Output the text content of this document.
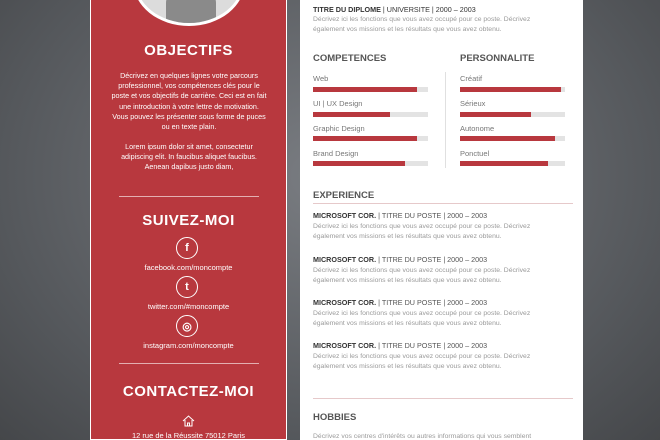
OBJECTIFS
Décrivez en quelques lignes votre parcours professionnel, vos compétences clés pour le poste et vos objectifs de carrière. Ceci est en fait une introduction à votre lettre de motivation. Vous pouvez les présenter sous forme de puces ou en texte plain.
Lorem ipsum dolor sit amet, consectetur adipiscing elit. In faucibus aliquet faucibus. Aenean dapibus justo diam,
SUIVEZ-MOI
f
facebook.com/moncompte
t
twitter.com/#moncompte
◎
instagram.com/moncompte
CONTACTEZ-MOI
12 rue de la Réussite 75012 Paris
TITRE DU DIPLOME | UNIVERSITE | 2000 – 2003
Décrivez ici les fonctions que vous avez occupé pour ce poste. Décrivez également vos missions et les résultats que vous avez obtenu.
COMPETENCES	PERSONNALITE
Web
UI | UX Design
Graphic Design
Brand Design
Créatif
Sérieux
Autonome
Ponctuel
EXPERIENCE
MICROSOFT COR. | TITRE DU POSTE | 2000 – 2003
Décrivez ici les fonctions que vous avez occupé pour ce poste. Décrivez également vos missions et les résultats que vous avez obtenu.
MICROSOFT COR. | TITRE DU POSTE | 2000 – 2003
Décrivez ici les fonctions que vous avez occupé pour ce poste. Décrivez également vos missions et les résultats que vous avez obtenu.
MICROSOFT COR. | TITRE DU POSTE | 2000 – 2003
Décrivez ici les fonctions que vous avez occupé pour ce poste. Décrivez également vos missions et les résultats que vous avez obtenu.
MICROSOFT COR. | TITRE DU POSTE | 2000 – 2003
Décrivez ici les fonctions que vous avez occupé pour ce poste. Décrivez également vos missions et les résultats que vous avez obtenu.
HOBBIES
Décrivez vos centres d'intérêts ou autres informations qui vous semblent
